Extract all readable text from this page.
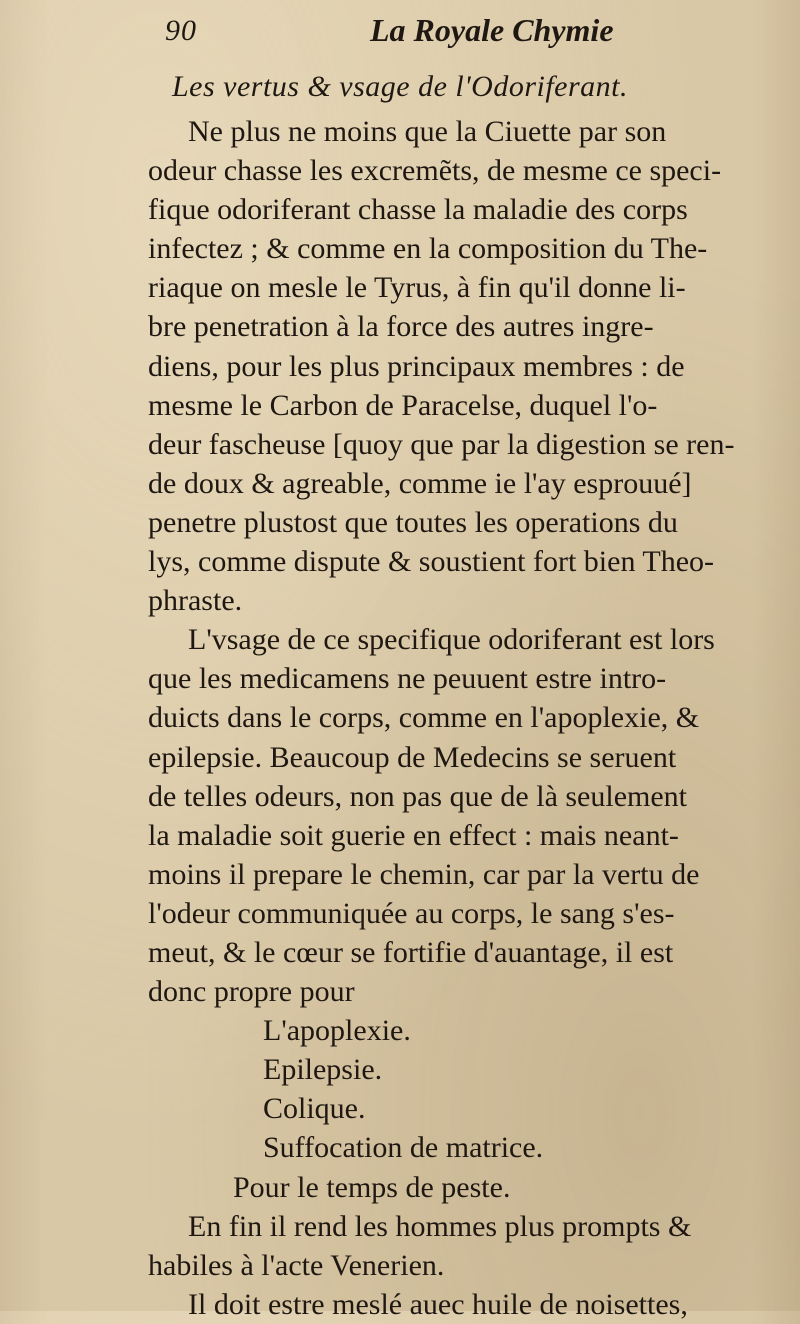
90	La Royale Chymie
Les vertus & vsage de l'Odoriferant.
Ne plus ne moins que la Ciuette par son
odeur chasse les excremẽts, de mesme ce speci-
fique odoriferant chasse la maladie des corps
infectez ; & comme en la composition du The-
riaque on mesle le Tyrus, à fin qu'il donne li-
bre penetration à la force des autres ingre-
diens, pour les plus principaux membres : de
mesme le Carbon de Paracelse, duquel l'o-
deur fascheuse [quoy que par la digestion se ren-
de doux & agreable, comme ie l'ay esprouué]
penetre plustost que toutes les operations du
lys, comme dispute & soustient fort bien Theo-
phraste.
L'vsage de ce specifique odoriferant est lors
que les medicamens ne peuuent estre intro-
duicts dans le corps, comme en l'apoplexie, &
epilepsie. Beaucoup de Medecins se seruent
de telles odeurs, non pas que de là seulement
la maladie soit guerie en effect : mais neant-
moins il prepare le chemin, car par la vertu de
l'odeur communiquée au corps, le sang s'es-
meut, & le cœur se fortifie d'auantage, il est
donc propre pour
L'apoplexie.
Epilepsie.
Colique.
Suffocation de matrice.
Pour le temps de peste.
En fin il rend les hommes plus prompts &
habiles à l'acte Venerien.
Il doit estre meslé auec huile de noisettes,
